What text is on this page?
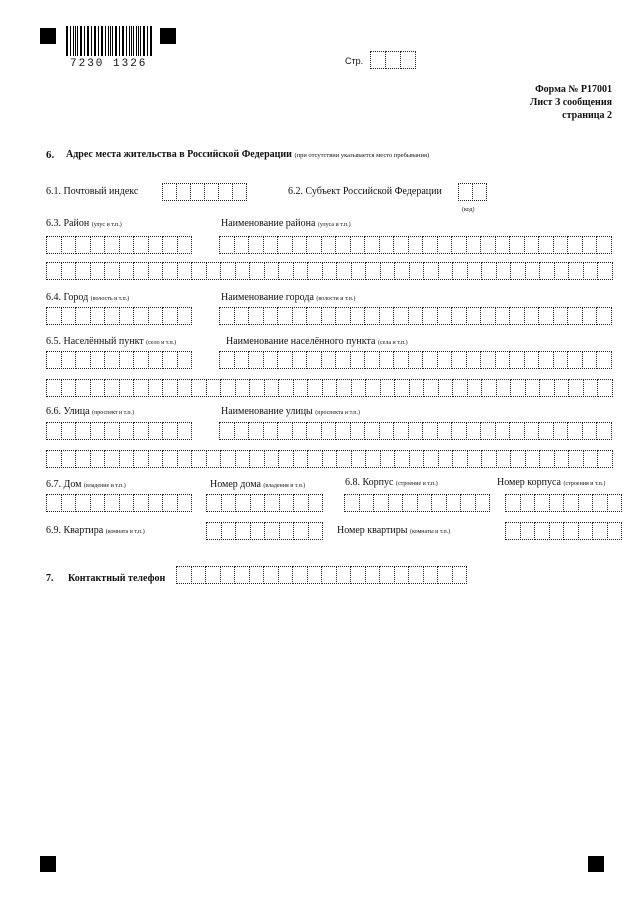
7230 1326	Стр.
Форма № Р17001
Лист З сообщения
страница 2
6. Адрес места жительства в Российской Федерации (при отсутствии указывается место пребывания)
6.1. Почтовый индекс	6.2. Субъект Российской Федерации
(код)
6.3. Район (улус и т.п.)	Наименование района (улуса и т.п.)
6.4. Город (волость и т.п.)	Наименование города (волости и т.п.)
6.5. Населённый пункт (село и т.п.)	Наименование населённого пункта (села и т.п.)
6.6. Улица (проспект и т.п.)	Наименование улицы (проспекта и т.п.)
6.7. Дом (владение и т.п.)	Номер дома (владения и т.п.)	6.8. Корпус (строение и т.п.)	Номер корпуса (строения и т.п.)
6.9. Квартира (комната и т.п.)	Номер квартиры (комнаты и т.п.)
7. Контактный телефон
